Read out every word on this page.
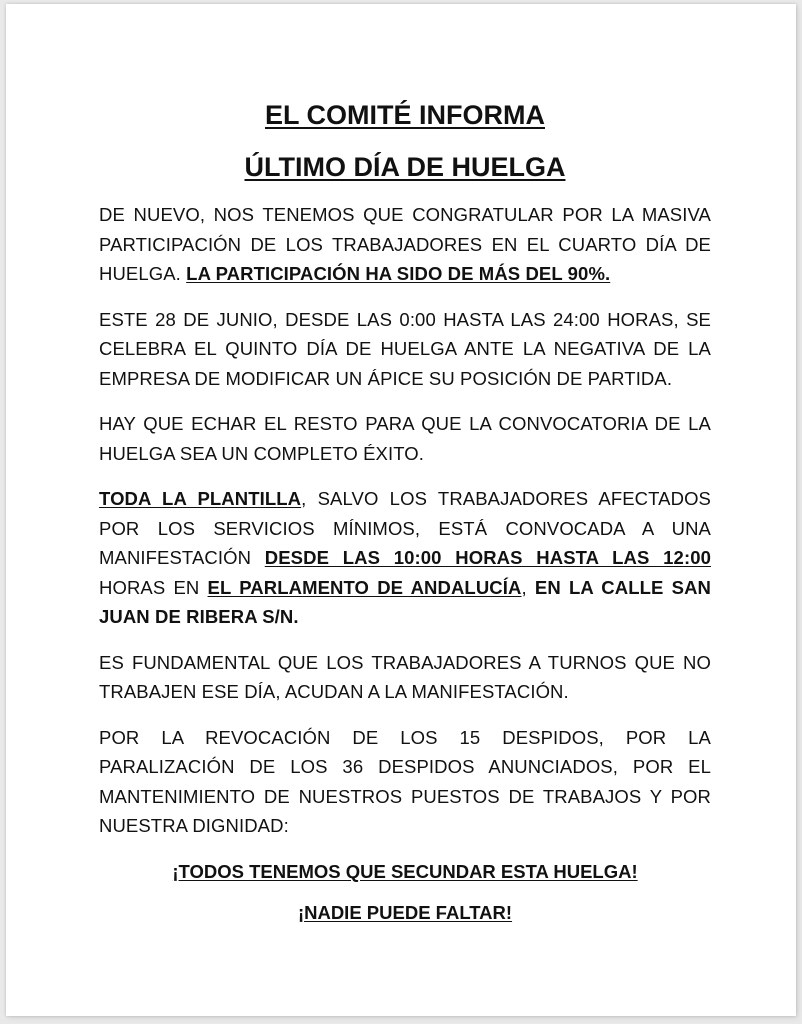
EL COMITÉ INFORMA
ÚLTIMO DÍA DE HUELGA

DE NUEVO, NOS TENEMOS QUE CONGRATULAR POR LA MASIVA PARTICIPACIÓN DE LOS TRABAJADORES EN EL CUARTO DÍA DE HUELGA. LA PARTICIPACIÓN HA SIDO DE MÁS DEL 90%.

ESTE 28 DE JUNIO, DESDE LAS 0:00 HASTA LAS 24:00 HORAS, SE CELEBRA EL QUINTO DÍA DE HUELGA ANTE LA NEGATIVA DE LA EMPRESA DE MODIFICAR UN ÁPICE SU POSICIÓN DE PARTIDA.

HAY QUE ECHAR EL RESTO PARA QUE LA CONVOCATORIA DE LA HUELGA SEA UN COMPLETO ÉXITO.

TODA LA PLANTILLA, SALVO LOS TRABAJADORES AFECTADOS POR LOS SERVICIOS MÍNIMOS, ESTÁ CONVOCADA A UNA MANIFESTACIÓN DESDE LAS 10:00 HORAS HASTA LAS 12:00 HORAS EN EL PARLAMENTO DE ANDALUCÍA, EN LA CALLE SAN JUAN DE RIBERA S/N.

ES FUNDAMENTAL QUE LOS TRABAJADORES A TURNOS QUE NO TRABAJEN ESE DÍA, ACUDAN A LA MANIFESTACIÓN.

POR LA REVOCACIÓN DE LOS 15 DESPIDOS, POR LA PARALIZACIÓN DE LOS 36 DESPIDOS ANUNCIADOS, POR EL MANTENIMIENTO DE NUESTROS PUESTOS DE TRABAJOS Y POR NUESTRA DIGNIDAD:

¡TODOS TENEMOS QUE SECUNDAR ESTA HUELGA!
¡NADIE PUEDE FALTAR!
